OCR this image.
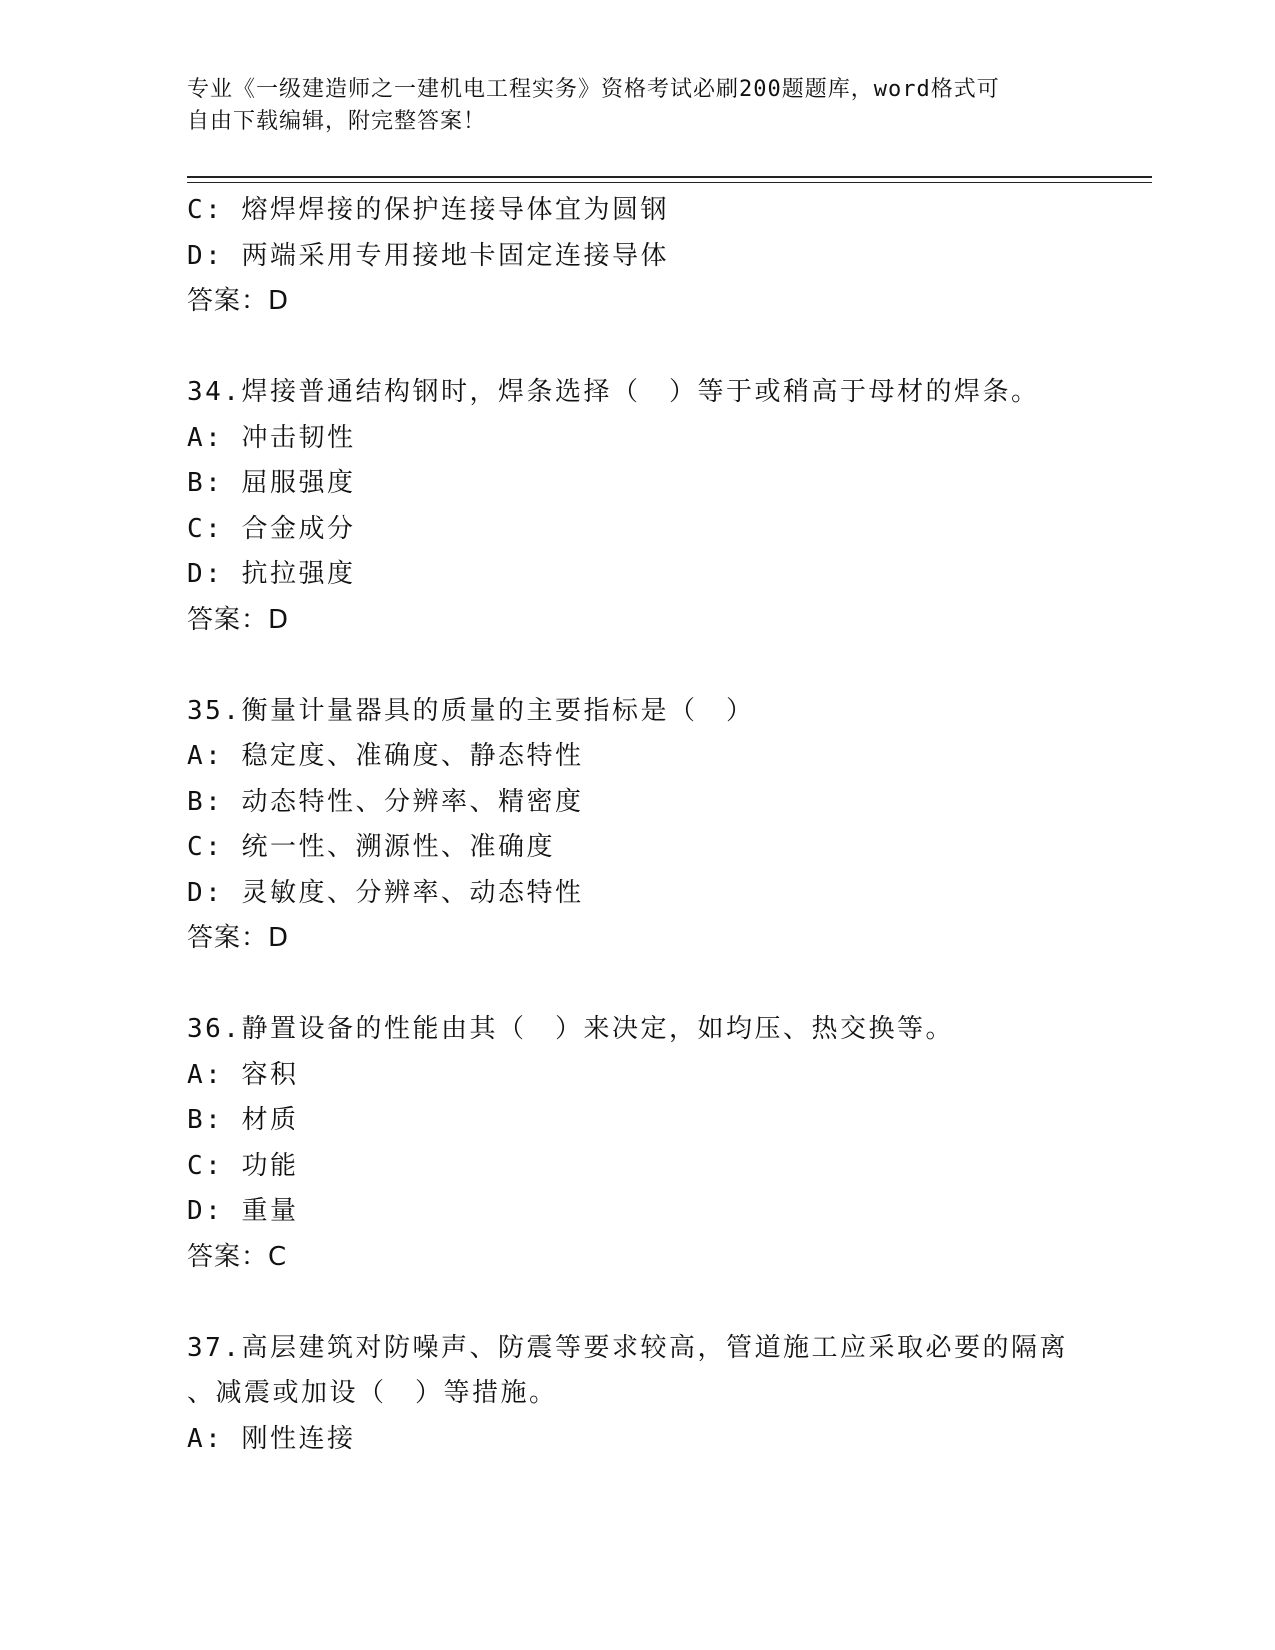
专业《一级建造师之一建机电工程实务》资格考试必刷200题题库，word格式可
自由下载编辑，附完整答案！
C: 熔焊焊接的保护连接导体宜为圆钢
D: 两端采用专用接地卡固定连接导体
答案：D
34.焊接普通结构钢时，焊条选择（　）等于或稍高于母材的焊条。
A: 冲击韧性
B: 屈服强度
C: 合金成分
D: 抗拉强度
答案：D
35.衡量计量器具的质量的主要指标是（　）
A: 稳定度、准确度、静态特性
B: 动态特性、分辨率、精密度
C: 统一性、溯源性、准确度
D: 灵敏度、分辨率、动态特性
答案：D
36.静置设备的性能由其（　）来决定，如均压、热交换等。
A: 容积
B: 材质
C: 功能
D: 重量
答案：C
37.高层建筑对防噪声、防震等要求较高，管道施工应采取必要的隔离
、减震或加设（　）等措施。
A: 刚性连接
